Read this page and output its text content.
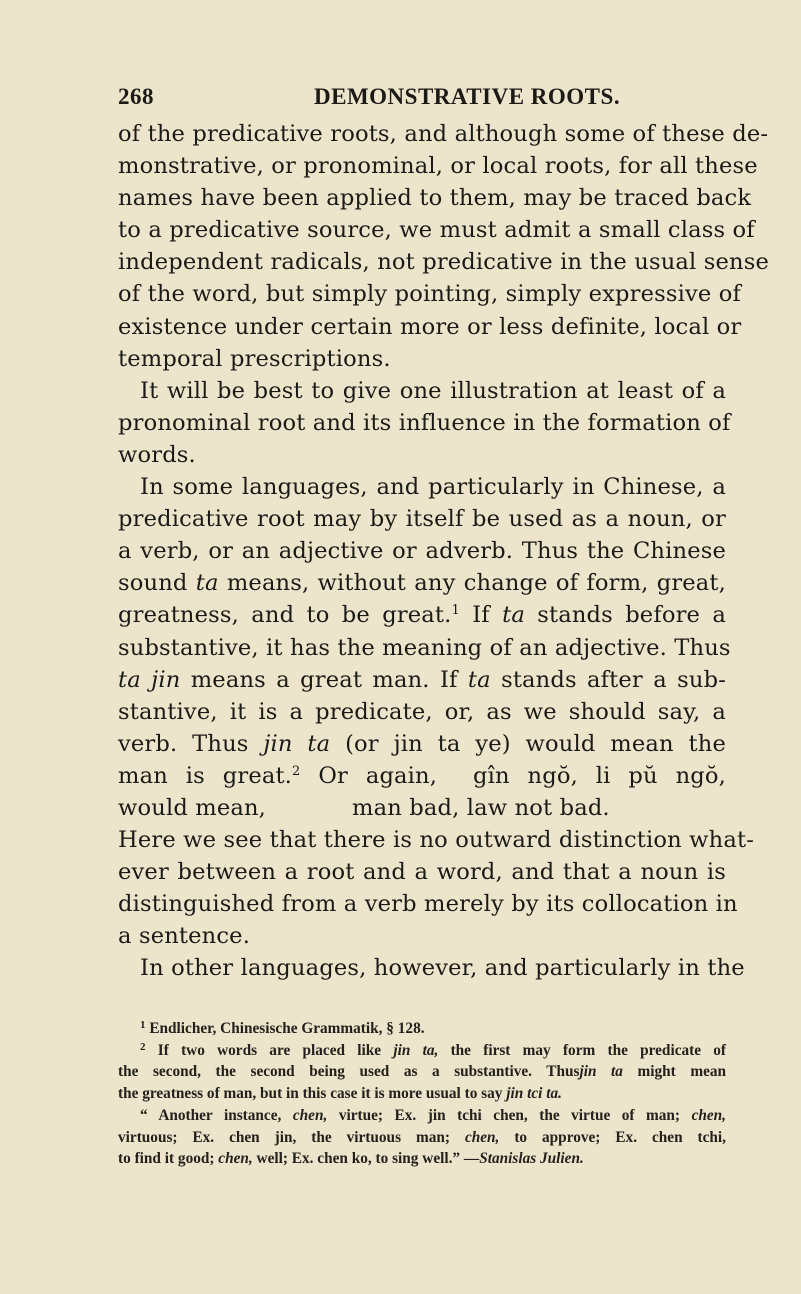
268	DEMONSTRATIVE ROOTS.
of the predicative roots, and although some of these de-
monstrative, or pronominal, or local roots, for all these
names have been applied to them, may be traced back
to a predicative source, we must admit a small class of
independent radicals, not predicative in the usual sense
of the word, but simply pointing, simply expressive of
existence under certain more or less definite, local or
temporal prescriptions.
It will be best to give one illustration at least of a
pronominal root and its influence in the formation of
words.
In some languages, and particularly in Chinese, a
predicative root may by itself be used as a noun, or
a verb, or an adjective or adverb. Thus the Chinese
sound ta means, without any change of form, great,
greatness, and to be great.$^1$ If ta stands before a
substantive, it has the meaning of an adjective. Thus
ta jin means a great man. If ta stands after a sub-
stantive, it is a predicate, or, as we should say, a
verb. Thus jin ta (or jin ta ye) would mean the
man is great.$^2$ Or again, gîn ngŏ, li pŭ ngŏ,
would mean,	man bad, law not bad.
Here we see that there is no outward distinction what-
ever between a root and a word, and that a noun is
distinguished from a verb merely by its collocation in
a sentence.
In other languages, however, and particularly in the
$^1$ Endlicher, Chinesische Grammatik, § 128.
$^2$ If two words are placed like jin ta, the first may form the predicate of
the second, the second being used as a substantive. Thusjin ta might mean
the greatness of man, but in this case it is more usual to say jin tci ta.
“ Another instance, chen, virtue; Ex. jin tchi chen, the virtue of man; chen,
virtuous; Ex. chen jin, the virtuous man; chen, to approve; Ex. chen tchi,
to find it good; chen, well; Ex. chen ko, to sing well.” —Stanislas Julien.
